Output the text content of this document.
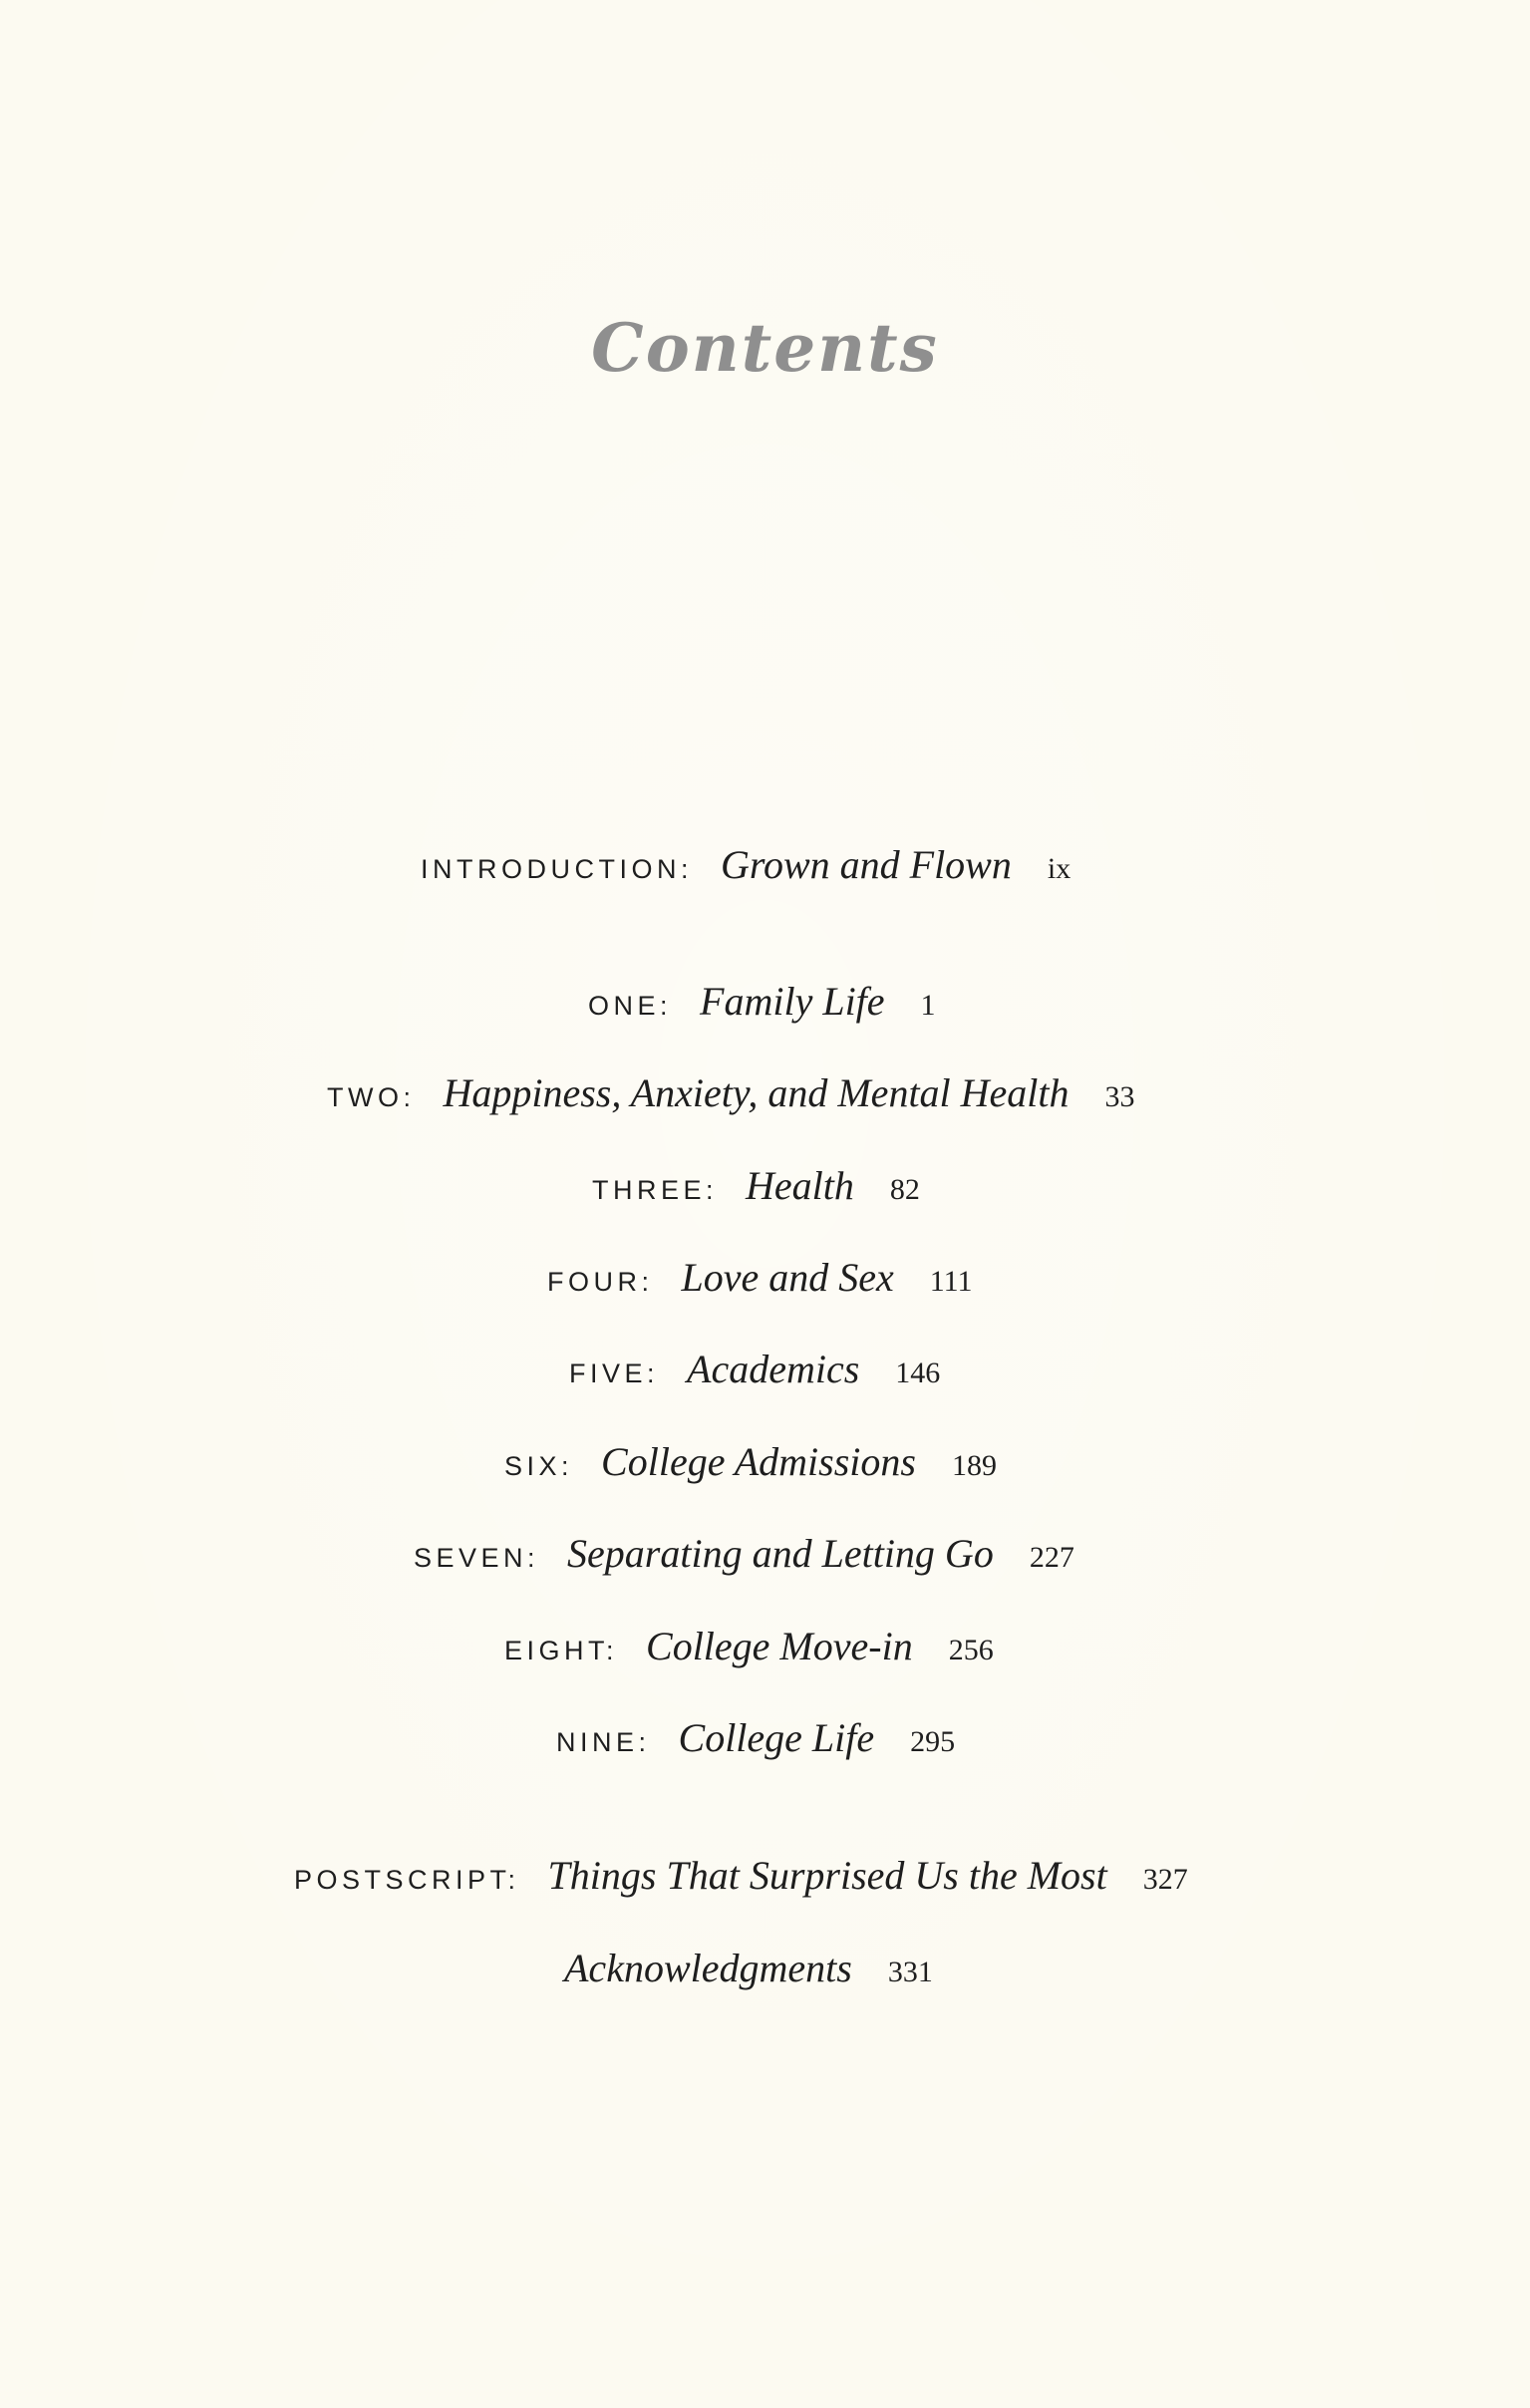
Contents
INTRODUCTION: Grown and Flown ix
ONE: Family Life 1
TWO: Happiness, Anxiety, and Mental Health 33
THREE: Health 82
FOUR: Love and Sex 111
FIVE: Academics 146
SIX: College Admissions 189
SEVEN: Separating and Letting Go 227
EIGHT: College Move-in 256
NINE: College Life 295
POSTSCRIPT: Things That Surprised Us the Most 327
Acknowledgments 331
